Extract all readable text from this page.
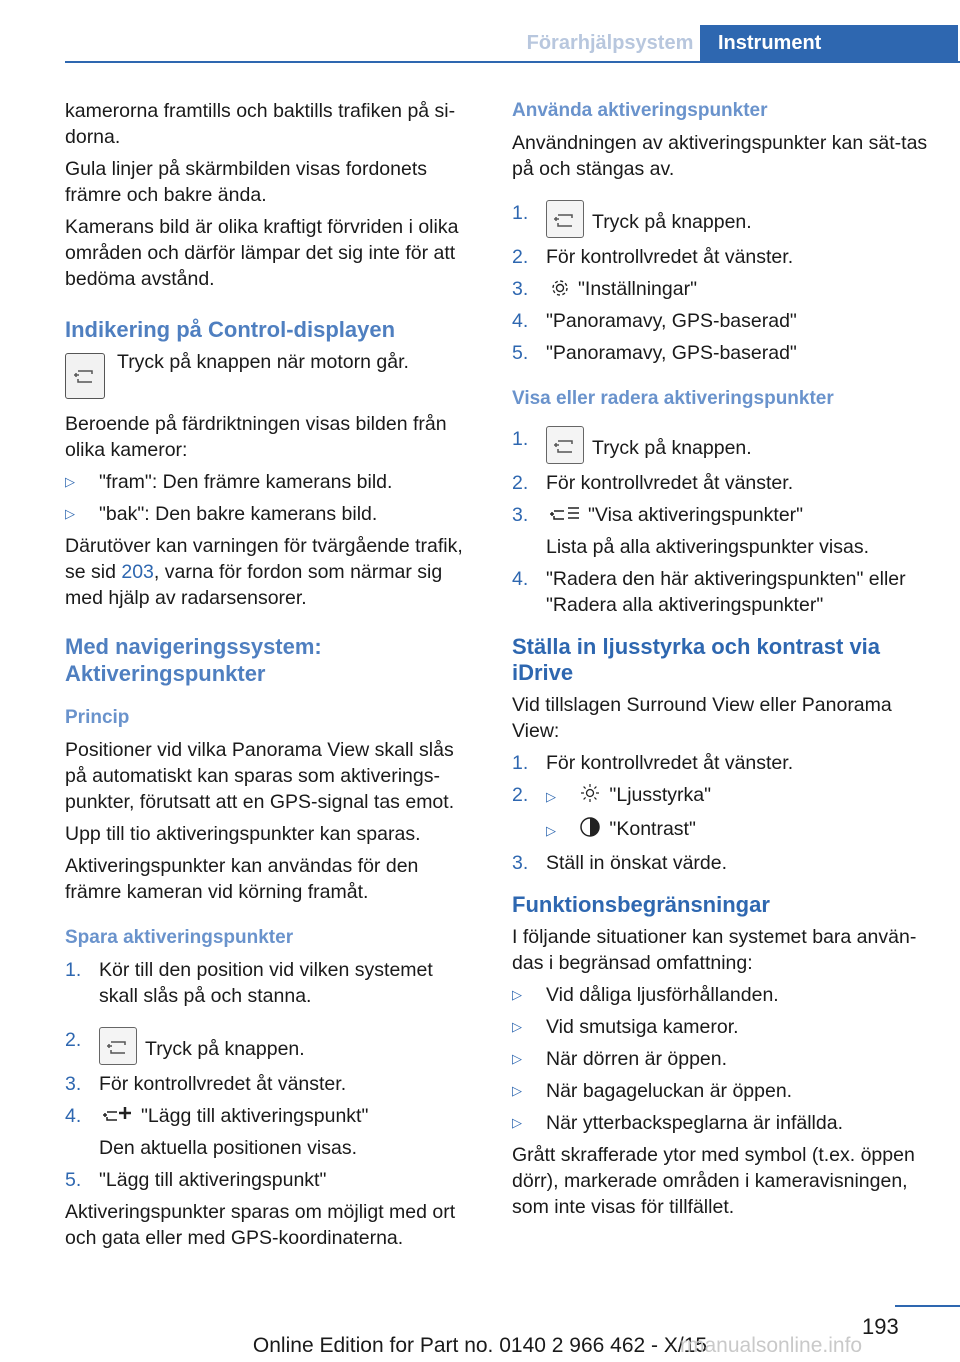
Förarhjälpsystem	Instrument

kamerorna framtills och baktills trafiken på si-dorna.

Gula linjer på skärmbilden visas fordonets främre och bakre ända.

Kamerans bild är olika kraftigt förvriden i olika områden och därför lämpar det sig inte för att bedöma avstånd.

Indikering på Control-displayen
Tryck på knappen när motorn går.

Beroende på färdriktningen visas bilden från olika kameror:

▷ "fram": Den främre kamerans bild.
▷ "bak": Den bakre kamerans bild.

Därutöver kan varningen för tvärgående trafik, se sid 203, varna för fordon som närmar sig med hjälp av radarsensorer.

Med navigeringssystem: Aktiveringspunkter
Princip

Positioner vid vilka Panorama View skall slås på automatiskt kan sparas som aktiverings-punkter, förutsatt att en GPS-signal tas emot.

Upp till tio aktiveringspunkter kan sparas.

Aktiveringspunkter kan användas för den främre kameran vid körning framåt.

Spara aktiveringspunkter
1. Kör till den position vid vilken systemet skall slås på och stanna.
2.	Tryck på knappen.
3. För kontrollvredet åt vänster.
4.	"Lägg till aktiveringspunkt"
Den aktuella positionen visas.
5. "Lägg till aktiveringspunkt"

Aktiveringspunkter sparas om möjligt med ort och gata eller med GPS-koordinaterna.

Använda aktiveringspunkter

Användningen av aktiveringspunkter kan sät-tas på och stängas av.

1.	Tryck på knappen.
2. För kontrollvredet åt vänster.
3.	"Inställningar"
4. "Panoramavy, GPS-baserad"
5. "Panoramavy, GPS-baserad"
Visa eller radera aktiveringspunkter
1.	Tryck på knappen.
2. För kontrollvredet åt vänster.
3.	"Visa aktiveringspunkter"
Lista på alla aktiveringspunkter visas.
4. "Radera den här aktiveringspunkten" eller "Radera alla aktiveringspunkter"
Ställa in ljusstyrka och kontrast via iDrive

Vid tillslagen Surround View eller Panorama View:

1. För kontrollvredet åt vänster.
2. ▷	"Ljusstyrka"
▷	"Kontrast"
3. Ställ in önskat värde.
Funktionsbegränsningar

I följande situationer kan systemet bara använ-das i begränsad omfattning:

▷ Vid dåliga ljusförhållanden.
▷ Vid smutsiga kameror.
▷ När dörren är öppen.
▷ När bagageluckan är öppen.
▷ När ytterbackspeglarna är infällda.

Grått skrafferade ytor med symbol (t.ex. öppen dörr), markerade områden i kameravisningen, som inte visas för tillfället.

193
Online Edition for Part no. 0140 2 966 462 - X/15
rmanualsonline.info
